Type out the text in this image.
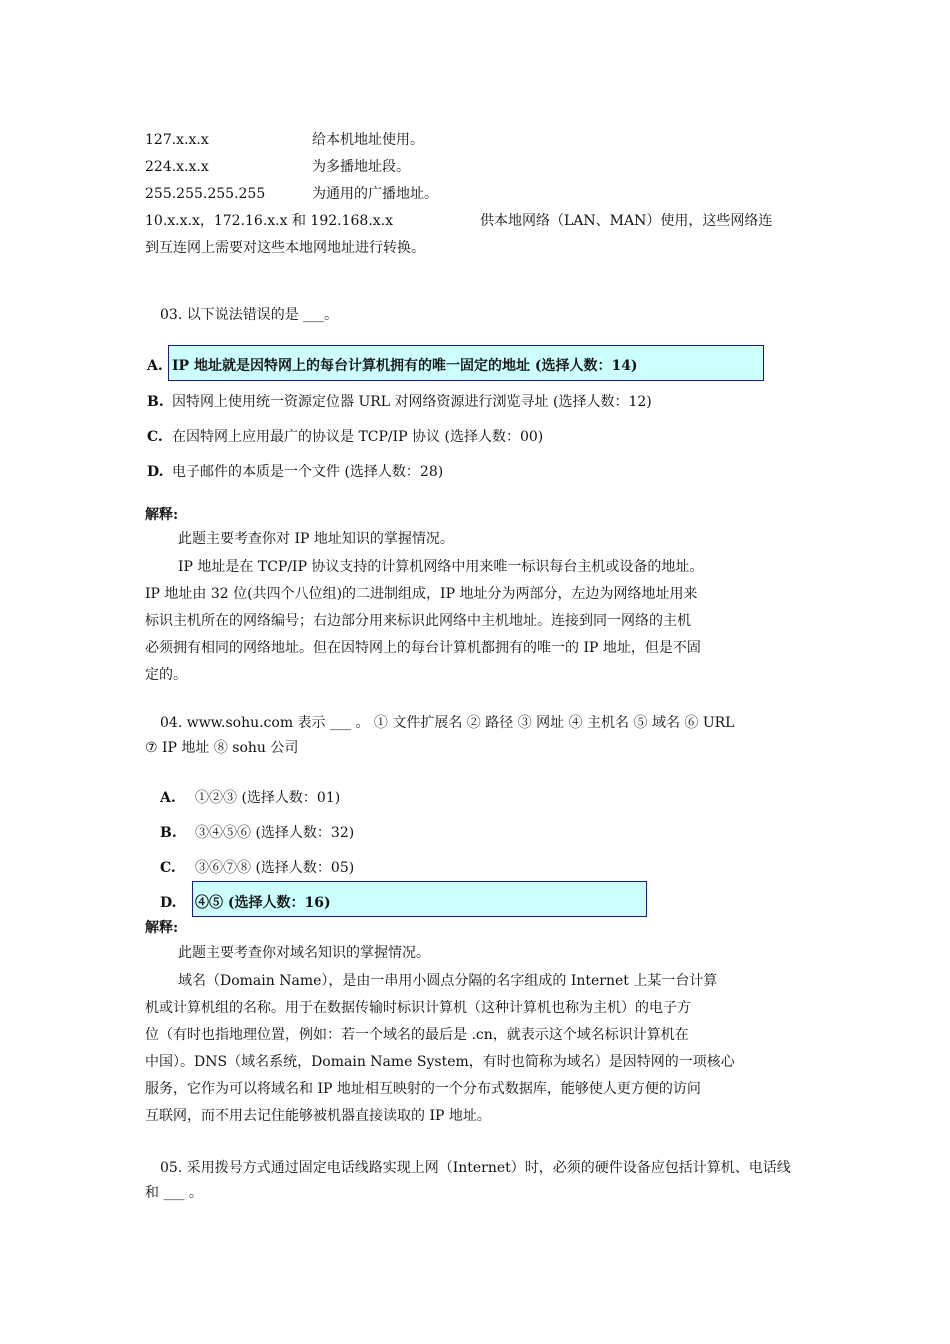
127.x.x.x	给本机地址使用。
224.x.x.x	为多播地址段。
255.255.255.255	为通用的广播地址。
10.x.x.x，172.16.x.x 和 192.168.x.x	供本地网络（LAN、MAN）使用，这些网络连
到互连网上需要对这些本地网地址进行转换。
03. 以下说法错误的是 ___。
A. IP 地址就是因特网上的每台计算机拥有的唯一固定的地址 (选择人数：14)
B. 因特网上使用统一资源定位器 URL 对网络资源进行浏览寻址 (选择人数：12)
C. 在因特网上应用最广的协议是 TCP/IP 协议 (选择人数：00)
D. 电子邮件的本质是一个文件 (选择人数：28)
解释:
此题主要考查你对 IP 地址知识的掌握情况。
IP 地址是在 TCP/IP 协议支持的计算机网络中用来唯一标识每台主机或设备的地址。
IP 地址由 32 位(共四个八位组)的二进制组成，IP 地址分为两部分，左边为网络地址用来
标识主机所在的网络编号；右边部分用来标识此网络中主机地址。连接到同一网络的主机
必须拥有相同的网络地址。但在因特网上的每台计算机都拥有的唯一的 IP 地址，但是不固
定的。
04. www.sohu.com 表示 ___ 。 ① 文件扩展名 ② 路径 ③ 网址 ④ 主机名 ⑤ 域名 ⑥ URL
⑦ IP 地址 ⑧ sohu 公司
A. ①②③ (选择人数：01)
B. ③④⑤⑥ (选择人数：32)
C. ③⑥⑦⑧ (选择人数：05)
D. ④⑤ (选择人数：16)
解释:
此题主要考查你对域名知识的掌握情况。
域名（Domain Name），是由一串用小圆点分隔的名字组成的 Internet 上某一台计算
机或计算机组的名称。用于在数据传输时标识计算机（这种计算机也称为主机）的电子方
位（有时也指地理位置，例如：若一个域名的最后是 .cn，就表示这个域名标识计算机在
中国）。DNS（域名系统，Domain Name System，有时也简称为域名）是因特网的一项核心
服务，它作为可以将域名和 IP 地址相互映射的一个分布式数据库，能够使人更方便的访问
互联网，而不用去记住能够被机器直接读取的 IP 地址。
05. 采用拨号方式通过固定电话线路实现上网（Internet）时，必须的硬件设备应包括计算机、电话线
和 ___ 。
